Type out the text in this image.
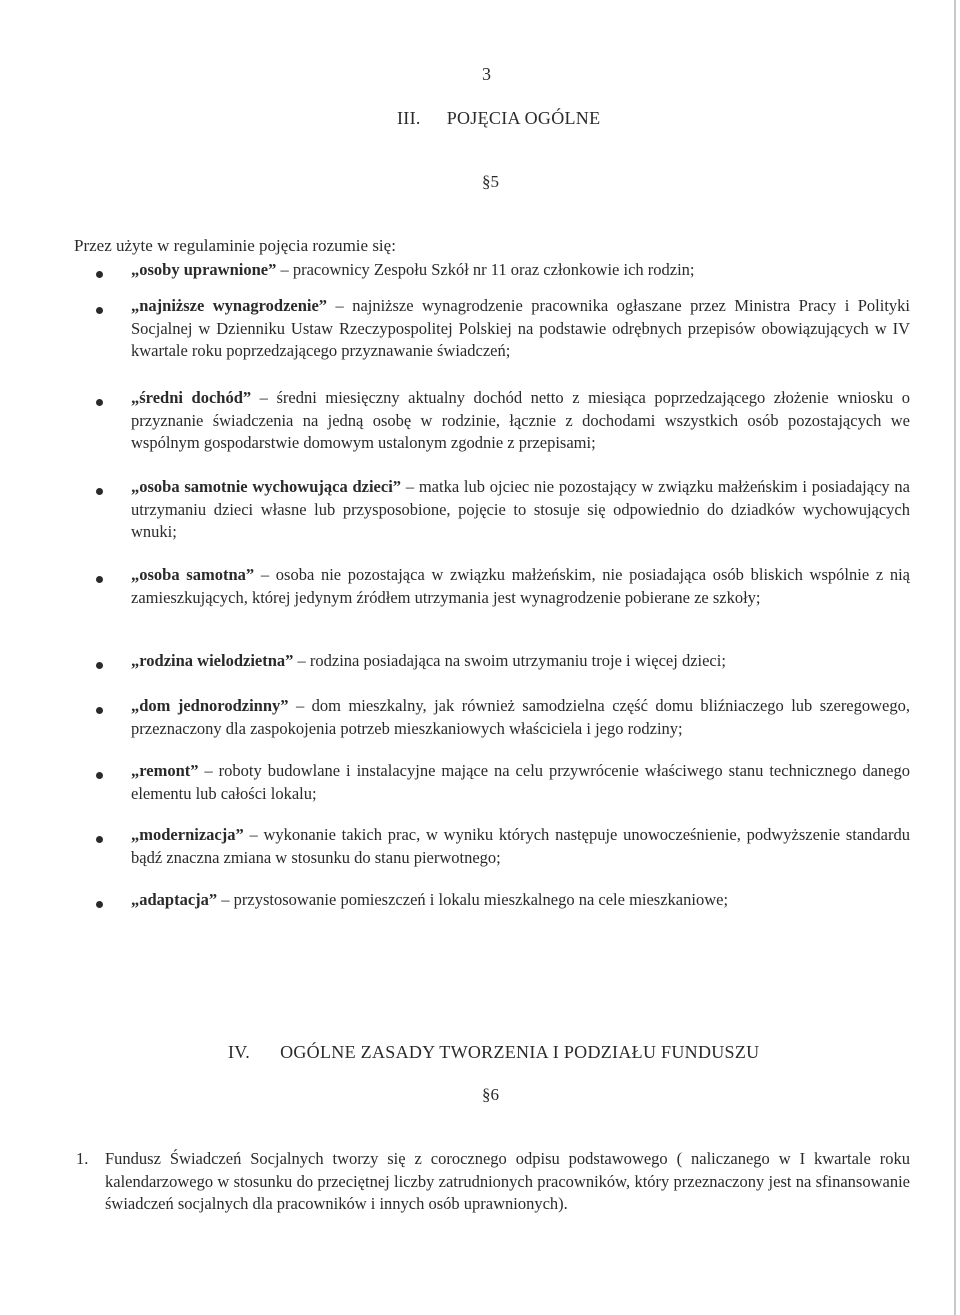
3
III. POJĘCIA OGÓLNE
§5
Przez użyte w regulaminie pojęcia rozumie się:
„osoby uprawnione” – pracownicy Zespołu Szkół nr 11 oraz członkowie ich rodzin;
„najniższe wynagrodzenie” – najniższe wynagrodzenie pracownika ogłaszane przez Ministra Pracy i Polityki Socjalnej w Dzienniku Ustaw Rzeczypospolitej Polskiej na podstawie odrębnych przepisów obowiązujących w IV kwartale roku poprzedzającego przyznawanie świadczeń;
„średni dochód” – średni miesięczny aktualny dochód netto z miesiąca poprzedzającego złożenie wniosku o przyznanie świadczenia na jedną osobę w rodzinie, łącznie z dochodami wszystkich osób pozostających we wspólnym gospodarstwie domowym ustalonym zgodnie z przepisami;
„osoba samotnie wychowująca dzieci” – matka lub ojciec nie pozostający w związku małżeńskim i posiadający na utrzymaniu dzieci własne lub przysposobione, pojęcie to stosuje się odpowiednio do dziadków wychowujących wnuki;
„osoba samotna” – osoba nie pozostająca w związku małżeńskim, nie posiadająca osób bliskich wspólnie z nią zamieszkujących, której jedynym źródłem utrzymania jest wynagrodzenie pobierane ze szkoły;
„rodzina wielodzietna” – rodzina posiadająca na swoim utrzymaniu troje i więcej dzieci;
„dom jednorodzinny” – dom mieszkalny, jak również samodzielna część domu bliźniaczego lub szeregowego, przeznaczony dla zaspokojenia potrzeb mieszkaniowych właściciela i jego rodziny;
„remont” – roboty budowlane i instalacyjne mające na celu przywrócenie właściwego stanu technicznego danego elementu lub całości lokalu;
„modernizacja” – wykonanie takich prac, w wyniku których następuje unowocześnienie, podwyższenie standardu bądź znaczna zmiana w stosunku do stanu pierwotnego;
„adaptacja” – przystosowanie pomieszczeń i lokalu mieszkalnego na cele mieszkaniowe;
IV. OGÓLNE ZASADY TWORZENIA I PODZIAŁU FUNDUSZU
§6
1. Fundusz Świadczeń Socjalnych tworzy się z corocznego odpisu podstawowego ( naliczanego w I kwartale roku kalendarzowego w stosunku do przeciętnej liczby zatrudnionych pracowników, który przeznaczony jest na sfinansowanie świadczeń socjalnych dla pracowników i innych osób uprawnionych).
